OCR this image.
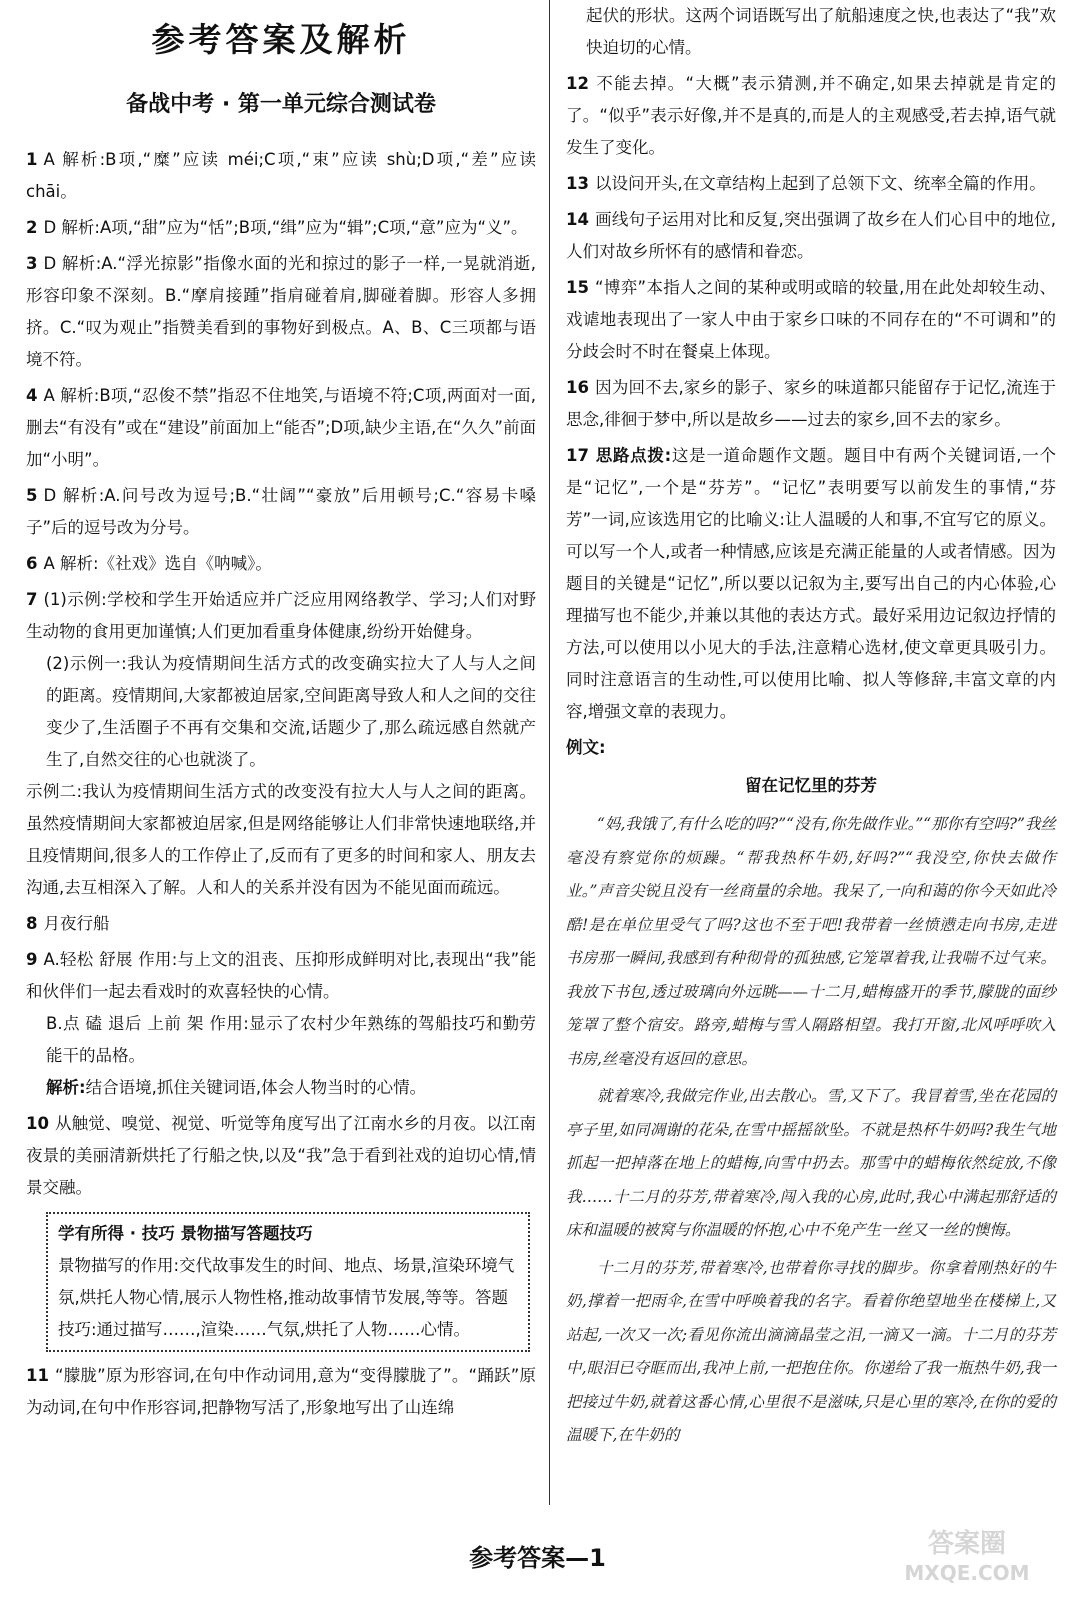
参考答案及解析
备战中考 · 第一单元综合测试卷
1 A 解析:B项,“糜”应读 méi;C项,“束”应读 shù;D项,“差”应读 chāi。
2 D 解析:A项,“甜”应为“恬”;B项,“缉”应为“辑”;C项,“意”应为“义”。
3 D 解析:A.“浮光掠影”指像水面的光和掠过的影子一样,一晃就消逝,形容印象不深刻。B.“摩肩接踵”指肩碰着肩,脚碰着脚。形容人多拥挤。C.“叹为观止”指赞美看到的事物好到极点。A、B、C三项都与语境不符。
4 A 解析:B项,“忍俊不禁”指忍不住地笑,与语境不符;C项,两面对一面,删去“有没有”或在“建设”前面加上“能否”;D项,缺少主语,在“久久”前面加“小明”。
5 D 解析:A.问号改为逗号;B.“壮阔”“豪放”后用顿号;C.“容易卡嗓子”后的逗号改为分号。
6 A 解析:《社戏》选自《呐喊》。
7 (1)示例:学校和学生开始适应并广泛应用网络教学、学习;人们对野生动物的食用更加谨慎;人们更加看重身体健康,纷纷开始健身。
(2)示例一:我认为疫情期间生活方式的改变确实拉大了人与人之间的距离。疫情期间,大家都被迫居家,空间距离导致人和人之间的交往变少了,生活圈子不再有交集和交流,话题少了,那么疏远感自然就产生了,自然交往的心也就淡了。
示例二:我认为疫情期间生活方式的改变没有拉大人与人之间的距离。虽然疫情期间大家都被迫居家,但是网络能够让人们非常快速地联络,并且疫情期间,很多人的工作停止了,反而有了更多的时间和家人、朋友去沟通,去互相深入了解。人和人的关系并没有因为不能见面而疏远。
8 月夜行船
9 A.轻松 舒展 作用:与上文的沮丧、压抑形成鲜明对比,表现出“我”能和伙伴们一起去看戏时的欢喜轻快的心情。
B.点 磕 退后 上前 架 作用:显示了农村少年熟练的驾船技巧和勤劳能干的品格。
解析:结合语境,抓住关键词语,体会人物当时的心情。
10 从触觉、嗅觉、视觉、听觉等角度写出了江南水乡的月夜。以江南夜景的美丽清新烘托了行船之快,以及“我”急于看到社戏的迫切心情,情景交融。
学有所得 · 技巧 景物描写答题技巧
景物描写的作用:交代故事发生的时间、地点、场景,渲染环境气氛,烘托人物心情,展示人物性格,推动故事情节发展,等等。答题技巧:通过描写……,渲染……气氛,烘托了人物……心情。
11 “朦胧”原为形容词,在句中作动词用,意为“变得朦胧了”。“踊跃”原为动词,在句中作形容词,把静物写活了,形象地写出了山连绵
起伏的形状。这两个词语既写出了航船速度之快,也表达了“我”欢快迫切的心情。
12 不能去掉。“大概”表示猜测,并不确定,如果去掉就是肯定的了。“似乎”表示好像,并不是真的,而是人的主观感受,若去掉,语气就发生了变化。
13 以设问开头,在文章结构上起到了总领下文、统率全篇的作用。
14 画线句子运用对比和反复,突出强调了故乡在人们心目中的地位,人们对故乡所怀有的感情和眷恋。
15 “博弈”本指人之间的某种或明或暗的较量,用在此处却较生动、戏谑地表现出了一家人中由于家乡口味的不同存在的“不可调和”的分歧会时不时在餐桌上体现。
16 因为回不去,家乡的影子、家乡的味道都只能留存于记忆,流连于思念,徘徊于梦中,所以是故乡——过去的家乡,回不去的家乡。
17 思路点拨:这是一道命题作文题。题目中有两个关键词语,一个是“记忆”,一个是“芬芳”。“记忆”表明要写以前发生的事情,“芬芳”一词,应该选用它的比喻义:让人温暖的人和事,不宜写它的原义。可以写一个人,或者一种情感,应该是充满正能量的人或者情感。因为题目的关键是“记忆”,所以要以记叙为主,要写出自己的内心体验,心理描写也不能少,并兼以其他的表达方式。最好采用边记叙边抒情的方法,可以使用以小见大的手法,注意精心选材,使文章更具吸引力。同时注意语言的生动性,可以使用比喻、拟人等修辞,丰富文章的内容,增强文章的表现力。
例文:
留在记忆里的芬芳
“妈,我饿了,有什么吃的吗?”“没有,你先做作业。”“那你有空吗?”我丝毫没有察觉你的烦躁。“帮我热杯牛奶,好吗?”“我没空,你快去做作业。”声音尖锐且没有一丝商量的余地。我呆了,一向和蔼的你今天如此冷酷!是在单位里受气了吗?这也不至于吧!我带着一丝愤懑走向书房,走进书房那一瞬间,我感到有种彻骨的孤独感,它笼罩着我,让我喘不过气来。我放下书包,透过玻璃向外远眺——十二月,蜡梅盛开的季节,朦胧的面纱笼罩了整个宿安。路旁,蜡梅与雪人隔路相望。我打开窗,北风呼呼吹入书房,丝毫没有返回的意思。
就着寒冷,我做完作业,出去散心。雪,又下了。我冒着雪,坐在花园的亭子里,如同凋谢的花朵,在雪中摇摇欲坠。不就是热杯牛奶吗?我生气地抓起一把掉落在地上的蜡梅,向雪中扔去。那雪中的蜡梅依然绽放,不像我……十二月的芬芳,带着寒冷,闯入我的心房,此时,我心中满起那舒适的床和温暖的被窝与你温暖的怀抱,心中不免产生一丝又一丝的懊悔。
十二月的芬芳,带着寒冷,也带着你寻找的脚步。你拿着刚热好的牛奶,撑着一把雨伞,在雪中呼唤着我的名字。看着你绝望地坐在楼梯上,又站起,一次又一次;看见你流出滴滴晶莹之泪,一滴又一滴。十二月的芬芳中,眼泪已夺眶而出,我冲上前,一把抱住你。你递给了我一瓶热牛奶,我一把接过牛奶,就着这番心情,心里很不是滋味,只是心里的寒冷,在你的爱的温暖下,在牛奶的
参考答案—1	答案圈
MXQE.COM
